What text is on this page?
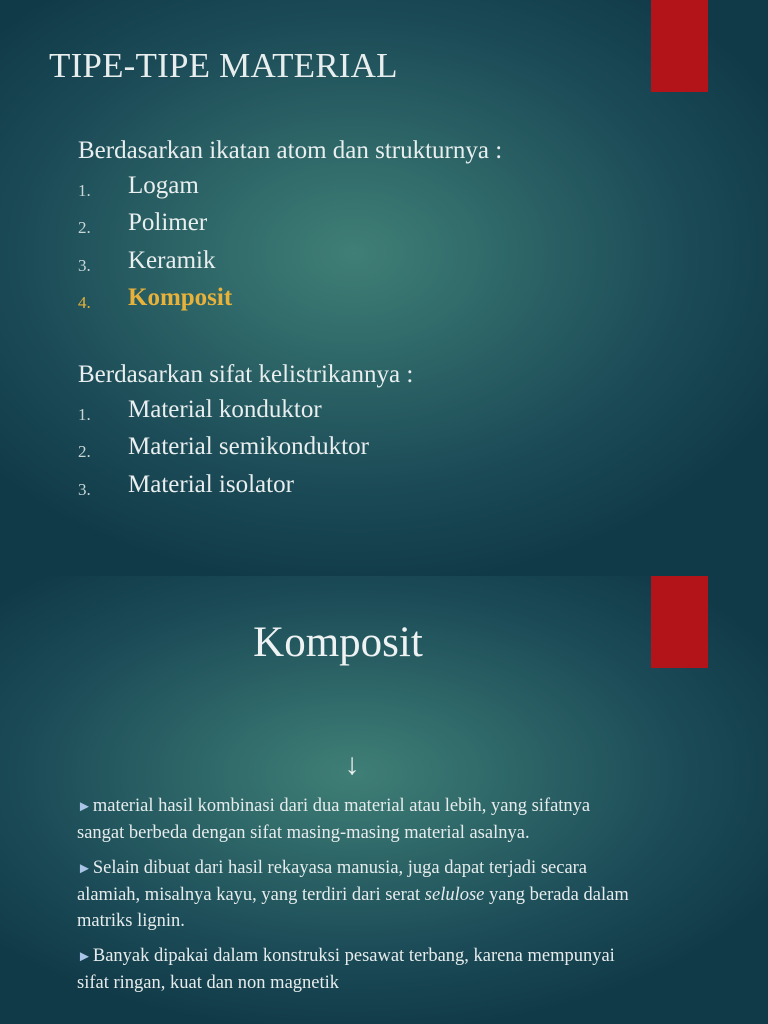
TIPE-TIPE MATERIAL
Berdasarkan ikatan atom dan strukturnya :
1. Logam
2. Polimer
3. Keramik
4. Komposit
Berdasarkan sifat kelistrikannya :
1. Material konduktor
2. Material semikonduktor
3. Material isolator
Komposit
↓

►material hasil kombinasi dari dua material atau lebih, yang sifatnya sangat berbeda dengan sifat masing-masing material asalnya.

►Selain dibuat dari hasil rekayasa manusia, juga dapat terjadi secara alamiah, misalnya kayu, yang terdiri dari serat selulose yang berada dalam matriks lignin.

►Banyak dipakai dalam konstruksi pesawat terbang, karena mempunyai sifat ringan, kuat dan non magnetik
